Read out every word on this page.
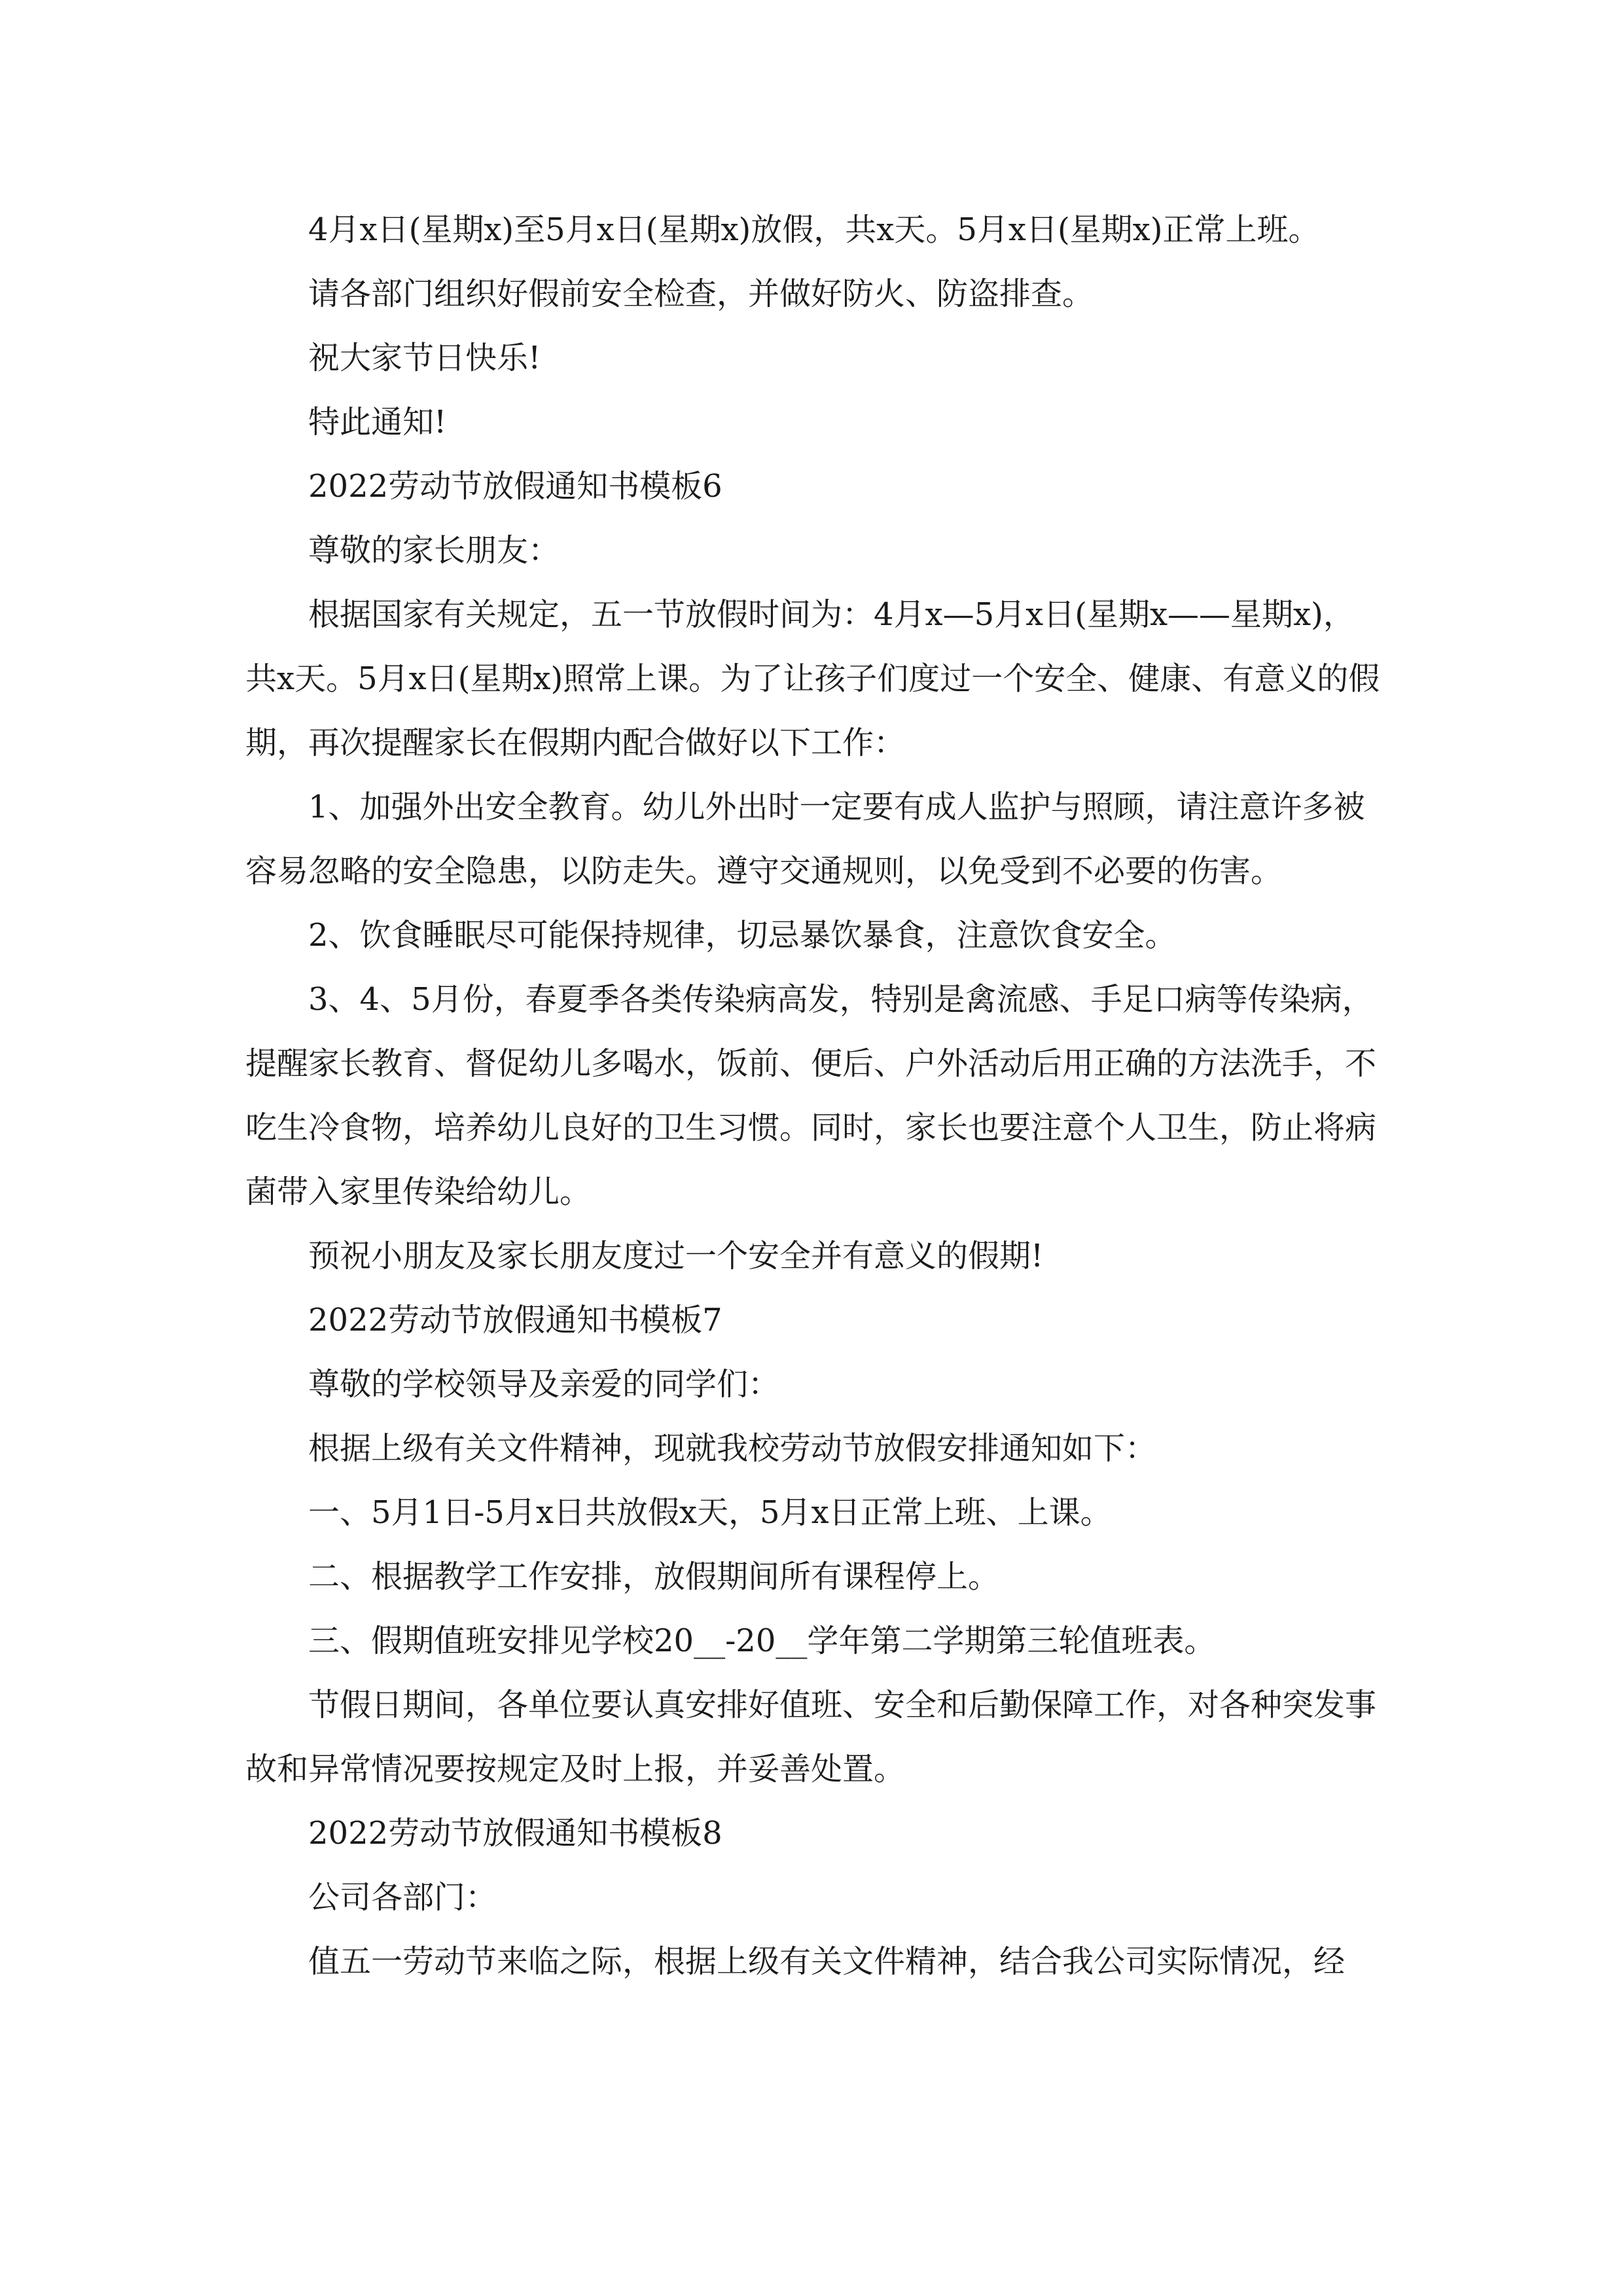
4月x日(星期x)至5月x日(星期x)放假，共x天。5月x日(星期x)正常上班。

请各部门组织好假前安全检查，并做好防火、防盗排查。

祝大家节日快乐!

特此通知!

2022劳动节放假通知书模板6

尊敬的家长朋友：

根据国家有关规定，五一节放假时间为：4月x—5月x日(星期x——星期x)，共x天。5月x日(星期x)照常上课。为了让孩子们度过一个安全、健康、有意义的假期，再次提醒家长在假期内配合做好以下工作：

1、加强外出安全教育。幼儿外出时一定要有成人监护与照顾，请注意许多被容易忽略的安全隐患，以防走失。遵守交通规则，以免受到不必要的伤害。

2、饮食睡眠尽可能保持规律，切忌暴饮暴食，注意饮食安全。

3、4、5月份，春夏季各类传染病高发，特别是禽流感、手足口病等传染病，提醒家长教育、督促幼儿多喝水，饭前、便后、户外活动后用正确的方法洗手，不吃生冷食物，培养幼儿良好的卫生习惯。同时，家长也要注意个人卫生，防止将病菌带入家里传染给幼儿。

预祝小朋友及家长朋友度过一个安全并有意义的假期!

2022劳动节放假通知书模板7

尊敬的学校领导及亲爱的同学们：

根据上级有关文件精神，现就我校劳动节放假安排通知如下：

一、5月1日-5月x日共放假x天，5月x日正常上班、上课。

二、根据教学工作安排，放假期间所有课程停上。

三、假期值班安排见学校20__-20__学年第二学期第三轮值班表。

节假日期间，各单位要认真安排好值班、安全和后勤保障工作，对各种突发事故和异常情况要按规定及时上报，并妥善处置。

2022劳动节放假通知书模板8

公司各部门：

值五一劳动节来临之际，根据上级有关文件精神，结合我公司实际情况，经
